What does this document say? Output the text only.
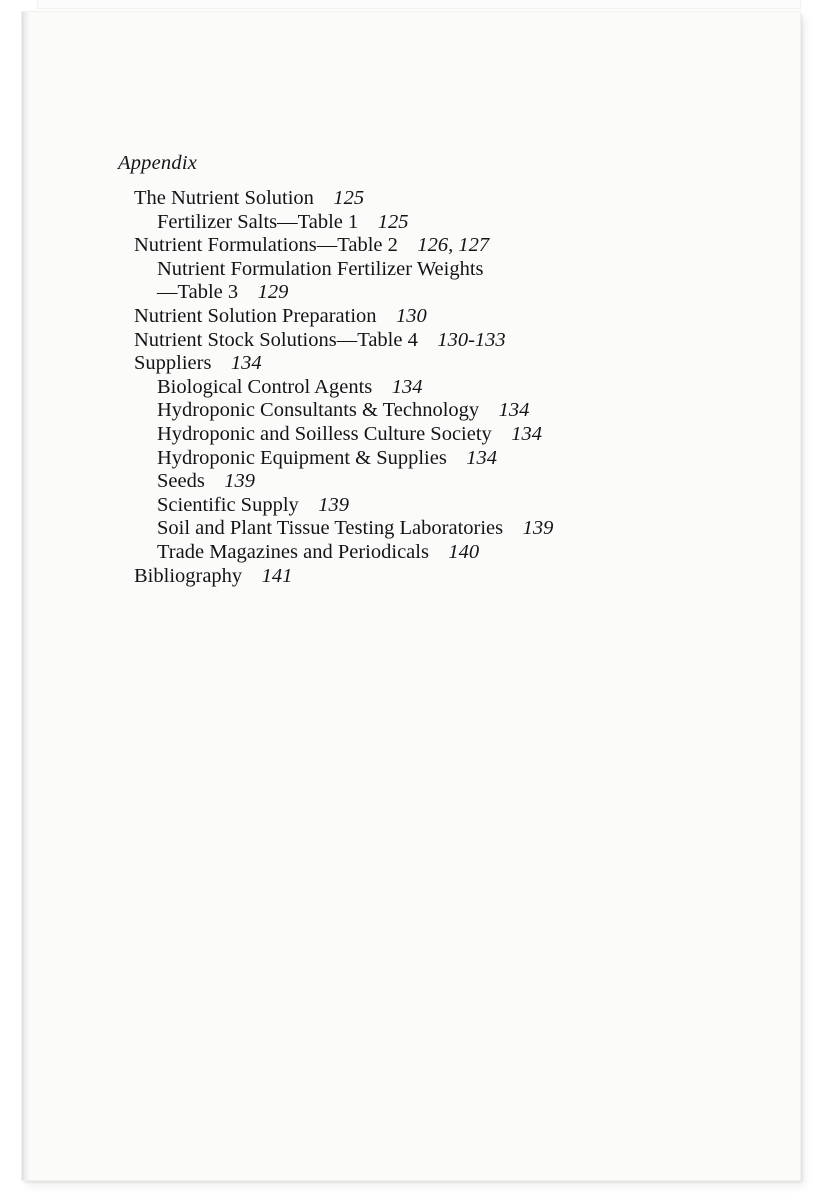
Appendix
The Nutrient Solution 125
Fertilizer Salts—Table 1 125
Nutrient Formulations—Table 2 126, 127
Nutrient Formulation Fertilizer Weights
—Table 3 129
Nutrient Solution Preparation 130
Nutrient Stock Solutions—Table 4 130-133
Suppliers 134
Biological Control Agents 134
Hydroponic Consultants & Technology 134
Hydroponic and Soilless Culture Society 134
Hydroponic Equipment & Supplies 134
Seeds 139
Scientific Supply 139
Soil and Plant Tissue Testing Laboratories 139
Trade Magazines and Periodicals 140
Bibliography 141
